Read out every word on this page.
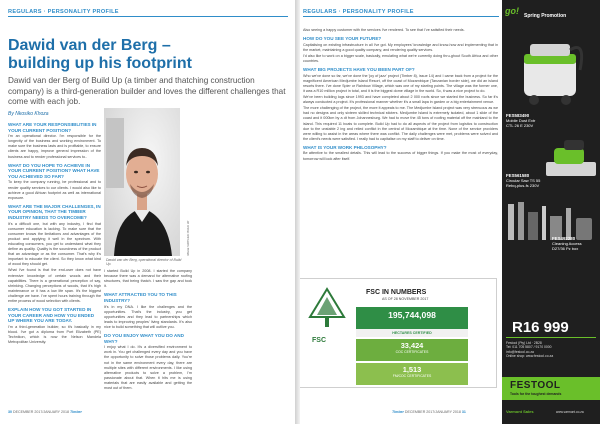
REGULARS · PERSONALITY PROFILE
Dawid van der Berg –
building up his footprint
Dawid van der Berg of Build Up (a timber and thatching construction company) is a third-generation builder and loves the different challenges that come with each job.
By Nkosiko Khoza
WHAT ARE YOUR RESPONSIBILITIES IN YOUR CURRENT POSITION?
I'm an operational director. I'm responsible for the longevity of the business and working environment. To make sure the business lasts and is profitable, to ensure clients are happy, improve general impression of the business and to render professional services to..
WHAT DO YOU HOPE TO ACHIEVE IN YOUR CURRENT POSITION? WHAT HAVE YOU ACHIEVED SO FAR?
To keep the company running, be professional and to render quality services to our clients. I would also like to achieve a good African footprint as well as international exposure.
WHAT ARE THE MAJOR CHALLENGES, IN YOUR OPINION, THAT THE TIMBER INDUSTRY NEEDS TO OVERCOME?
It's a difficult one, but with any industry, I find that consumer education is lacking. To make sure that the consumer knows the limitations and advantages of the product and applying it well in the spectrum. With educating consumers, you get to understand what they define as quality. Quality is the soundness of the product that an advantage or as the consumer. That's why it's important to educate the client. So they know what kind of wood they should get.
What I've found is that the end-user does not have extensive knowledge of certain woods and their capabilities. There is a generational perception of say, shrinking. Changing perceptions of woods, that it's high maintenance or it has a low life span. It's the biggest challenge we have. I've spent hours training through the entire process of wood selection with clients.
EXPLAIN HOW YOU GOT STARTED IN YOUR CAREER AND HOW YOU ENDED UP WHERE YOU ARE TODAY.
I'm a third-generation builder, so it's basically in my blood. I've got a diploma from Port Elizabeth (PE) Technikon, which is now the Nelson Mandela Metropolitan University.
Dawid van der Berg, operational director of Build Up.
IMAGE SUPPLIED: BUILD UP
I started Build Up in 2008. I started the company because there was a demand for alternative roofing structures, that being thatch. I saw the gap and took it.
WHAT ATTRACTED YOU TO THIS INDUSTRY?
It's in my DNA. I like the challenges and the opportunities. That's the industry, you get opportunities and they lead to partnerships which leads to improving peoples' living standards. It's also nice to build something that will outlive you.
DO YOU ENJOY WHAT YOU DO AND WHY?
I enjoy what I do. It's a diversified environment to work in. You get challenged every day and you have the opportunity to solve those problems daily. You're not in the same environment every day, there are multiple sites with different environments. I like using alternative products to solve a problem, I'm passionate about that. When it hits me is using materials that are easily available and getting the most out of them.
30 DECEMBER 2017/JANUARY 2018 Timber
REGULARS · PERSONALITY PROFILE
Also seeing a happy customer with the services I've rendered. To see that I've satisfied their needs.
HOW DO YOU SEE YOUR FUTURE?
Capitalising on existing infrastructure in all I've got. My employees' knowledge and know-how and implementing that in the market, maintaining a good quality company, and rendering quality services.
I'd also like to work on a bigger scale, basically, emulating what we're currently doing thru-ghout South Africa and other countries.
WHAT BIG PROJECTS HAVE YOU BEEN PART OF?
Who we've done so far, we've done the 'joy of jazz' project (Timber 8), issue 14) and I came back from a project for the magnificent American Medjumbe Island Resort, off the coast of Mozambique (Tanzanian border side), we did an island resorts there. I've done Spier or Rainbow Village, which was one of my starting points. The village was the former one, it was a R10 million project in total, and it is the biggest dome village in the world. So, it was a nice project to do.
We've been building logs since 1993 and have completed about 2 000 roofs since we started the business. So far it's always conducted a project. It's professional manner whether it's a small lapa in garden or a big entertainment venue.
The more challenging of the project, the more it appeals to me. The Medjumbe Island project was very strenuous as we had no designs and only sixteen skilled technical sticters. Medjumbe Island is extremely isolated, about 1 slide of the coast and it 000km by a dt from Johannesburg. We had to move the 45 tons of roofing material off the mainland to the island. This required 11 boats to complete. Build Up had to do all aspects of the project from logistics to construction due to the unstable 2 ing and relied conflict in the central of Mozambique at the time. None of the service providers were willing to assist in the areas where there was conflict. The daily challenges were met, problems were solved and the client's needs were satisfied. I really had to capitalise on my staff to deliver on time.
WHAT IS YOUR WORK PHILOSOPHY?
Be attentive to the smallest details. This will lead to the success of bigger things. If you make the most of everyday, tomorrow will look after itself.
FSC
FSC IN NUMBERS
AS OF 28 NOVEMBER 2017
195,744,098
HECTARES CERTIFIED
33,424
COC CERTIFICATES
1,513
FM/COC CERTIFICATES
Timber DECEMBER 2017/JANUARY 2018 31
go! Spring Promotion
FES583490
Mobile Dust Extr
CTL 26 E 230V
FES561580
Circular Saw TS 55
Rebq-plus-fs 230V
FES492280
Cleaning Access
D27/36 Pz box
R16 999
Festool (Pty) Ltd · 2B28
Tel: 011 705 5807 / 9170 0000
info@festool.co.za
Online shop: www.festool.co.za
FESTOOL
Tools for the toughest demands
Varmont Sales	www.varmont.co.za
